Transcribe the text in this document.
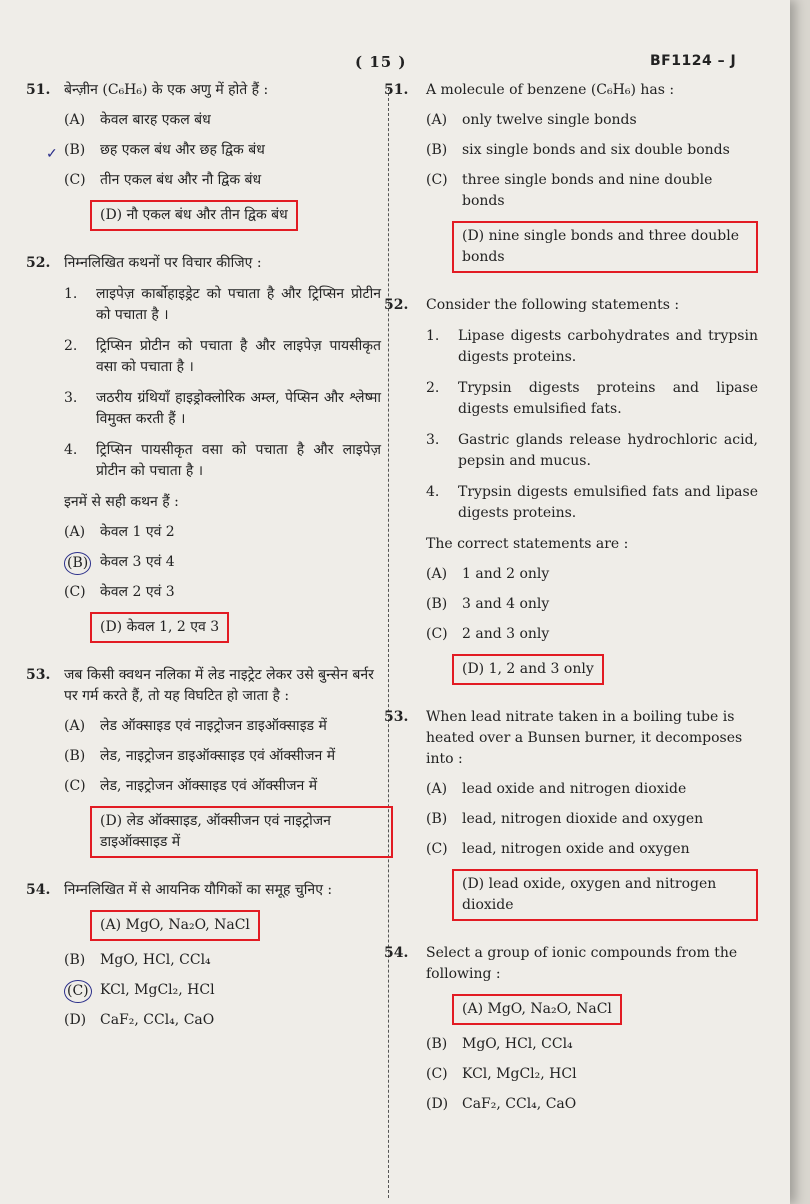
( 15 )	BF1124 – J
51. बेन्ज़ीन (C₆H₆) के एक अणु में होते हैं :

(A) केवल बारह एकल बंध
✓ (B) छह एकल बंध और छह द्विक बंध
(C) तीन एकल बंध और नौ द्विक बंध
(D) नौ एकल बंध और तीन द्विक बंध
52. निम्नलिखित कथनों पर विचार कीजिए :

1. लाइपेज़ कार्बोहाइड्रेट को पचाता है और ट्रिप्सिन प्रोटीन को पचाता है ।
2. ट्रिप्सिन प्रोटीन को पचाता है और लाइपेज़ पायसीकृत वसा को पचाता है ।
3. जठरीय ग्रंथियाँ हाइड्रोक्लोरिक अम्ल, पेप्सिन और श्लेष्मा विमुक्त करती हैं ।
4. ट्रिप्सिन पायसीकृत वसा को पचाता है और लाइपेज़ प्रोटीन को पचाता है ।
इनमें से सही कथन हैं :
(A) केवल 1 एवं 2
(B) केवल 3 एवं 4
(C) केवल 2 एवं 3
(D) केवल 1, 2 एव 3
53. जब किसी क्वथन नलिका में लेड नाइट्रेट लेकर उसे बुन्सेन बर्नर पर गर्म करते हैं, तो यह विघटित हो जाता है :

(A) लेड ऑक्साइड एवं नाइट्रोजन डाइऑक्साइड में
(B) लेड, नाइट्रोजन डाइऑक्साइड एवं ऑक्सीजन में
(C) लेड, नाइट्रोजन ऑक्साइड एवं ऑक्सीजन में
(D) लेड ऑक्साइड, ऑक्सीजन एवं नाइट्रोजन डाइऑक्साइड में
54. निम्नलिखित में से आयनिक यौगिकों का समूह चुनिए :

(A) MgO, Na₂O, NaCl
(B) MgO, HCl, CCl₄
(C) KCl, MgCl₂, HCl
(D) CaF₂, CCl₄, CaO
51. A molecule of benzene (C₆H₆) has :

(A) only twelve single bonds
(B) six single bonds and six double bonds
(C) three single bonds and nine double bonds
(D) nine single bonds and three double bonds
52. Consider the following statements :

1. Lipase digests carbohydrates and trypsin digests proteins.
2. Trypsin digests proteins and lipase digests emulsified fats.
3. Gastric glands release hydrochloric acid, pepsin and mucus.
4. Trypsin digests emulsified fats and lipase digests proteins.
The correct statements are :
(A) 1 and 2 only
(B) 3 and 4 only
(C) 2 and 3 only
(D) 1, 2 and 3 only
53. When lead nitrate taken in a boiling tube is heated over a Bunsen burner, it decomposes into :

(A) lead oxide and nitrogen dioxide
(B) lead, nitrogen dioxide and oxygen
(C) lead, nitrogen oxide and oxygen
(D) lead oxide, oxygen and nitrogen dioxide
54. Select a group of ionic compounds from the following :

(A) MgO, Na₂O, NaCl
(B) MgO, HCl, CCl₄
(C) KCl, MgCl₂, HCl
(D) CaF₂, CCl₄, CaO
